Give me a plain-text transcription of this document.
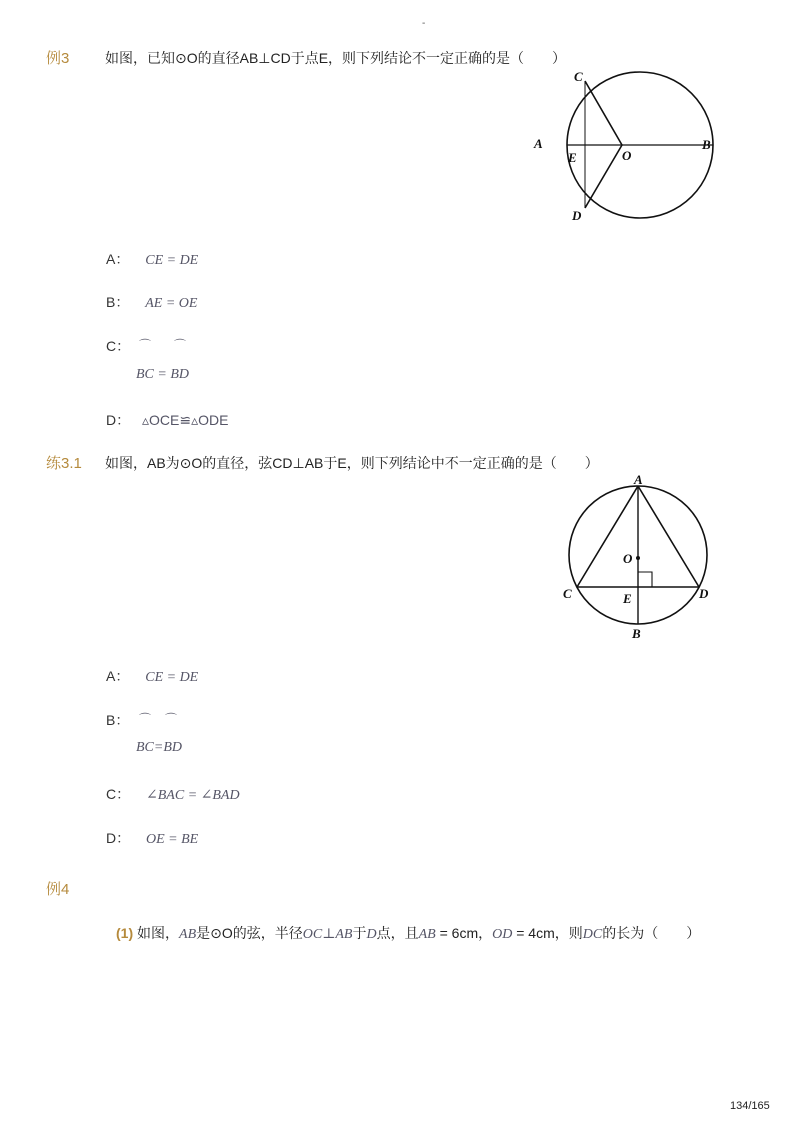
-
例3	如图，已知⊙O的直径AB⊥CD于点E，则下列结论不一定正确的是（　　）
C
A
E	O
B
D
A： CE = DE
B： AE = OE
C： ⌒ ⌒
BC = BD
D： ▵OCE≌▵ODE
练3.1 如图，AB为⊙O的直径，弦CD⊥AB于E，则下列结论中不一定正确的是（　　）
A
O
C	E	D
B
A： CE = DE
B： ⌒ ⌒
BC=BD
C： ∠BAC = ∠BAD
D： OE = BE
例4
(1) 如图，AB是⊙O的弦，半径OC⊥AB于D点，且AB = 6cm，OD = 4cm，则DC的长为（　　）
134/165
